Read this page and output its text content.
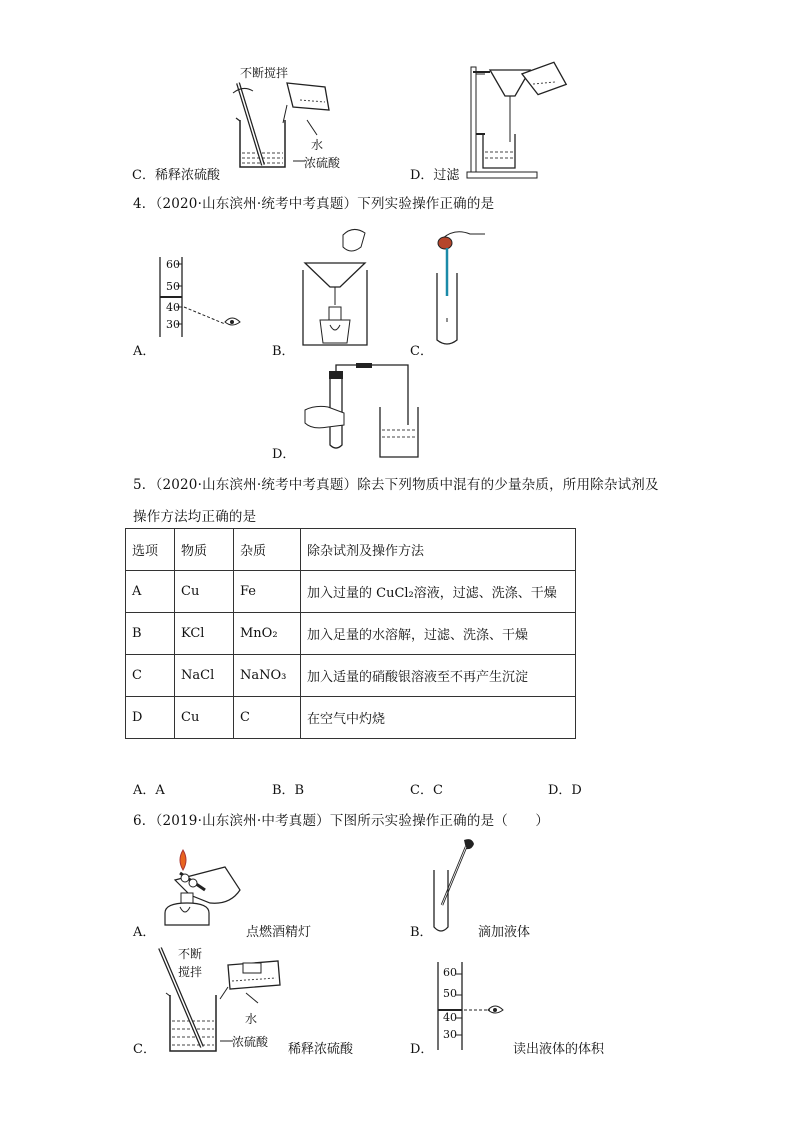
不断搅拌
水
浓硫酸
C．稀释浓硫酸	D．过滤
4．（2020·山东滨州·统考中考真题）下列实验操作正确的是
60
50
40
30
A．	B．	C．
D．
5．（2020·山东滨州·统考中考真题）除去下列物质中混有的少量杂质，所用除杂试剂及
操作方法均正确的是
选项	物质	杂质	除杂试剂及操作方法
A	Cu	Fe	加入过量的 CuCl₂溶液，过滤、洗涤、干燥
B	KCl	MnO₂	加入足量的水溶解，过滤、洗涤、干燥
C	NaCl	NaNO₃	加入适量的硝酸银溶液至不再产生沉淀
D	Cu	C	在空气中灼烧
A．A	B．B	C．C	D．D
6．（2019·山东滨州·中考真题）下图所示实验操作正确的是（　　）
A．	点燃酒精灯	B．	滴加液体
不断
搅拌
水
浓硫酸
C．	稀释浓硫酸
60
50
40
30
D．	读出液体的体积
